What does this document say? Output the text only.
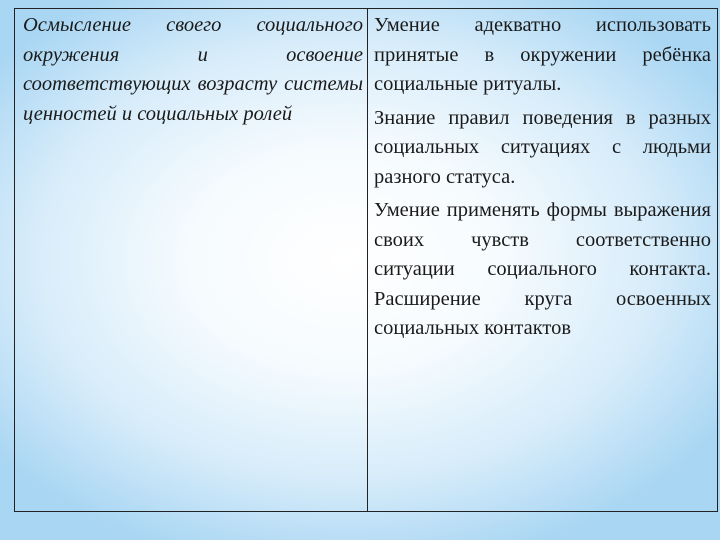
Осмысление своего социального окружения и освоение соответствующих возрасту системы ценностей и социальных ролей

Умение адекватно использовать принятые в окружении ребёнка социальные ритуалы.

Знание правил поведения в разных социальных ситуациях с людьми разного статуса.

Умение применять формы выражения своих чувств соответственно ситуации социального контакта. Расширение круга освоенных социальных контактов
